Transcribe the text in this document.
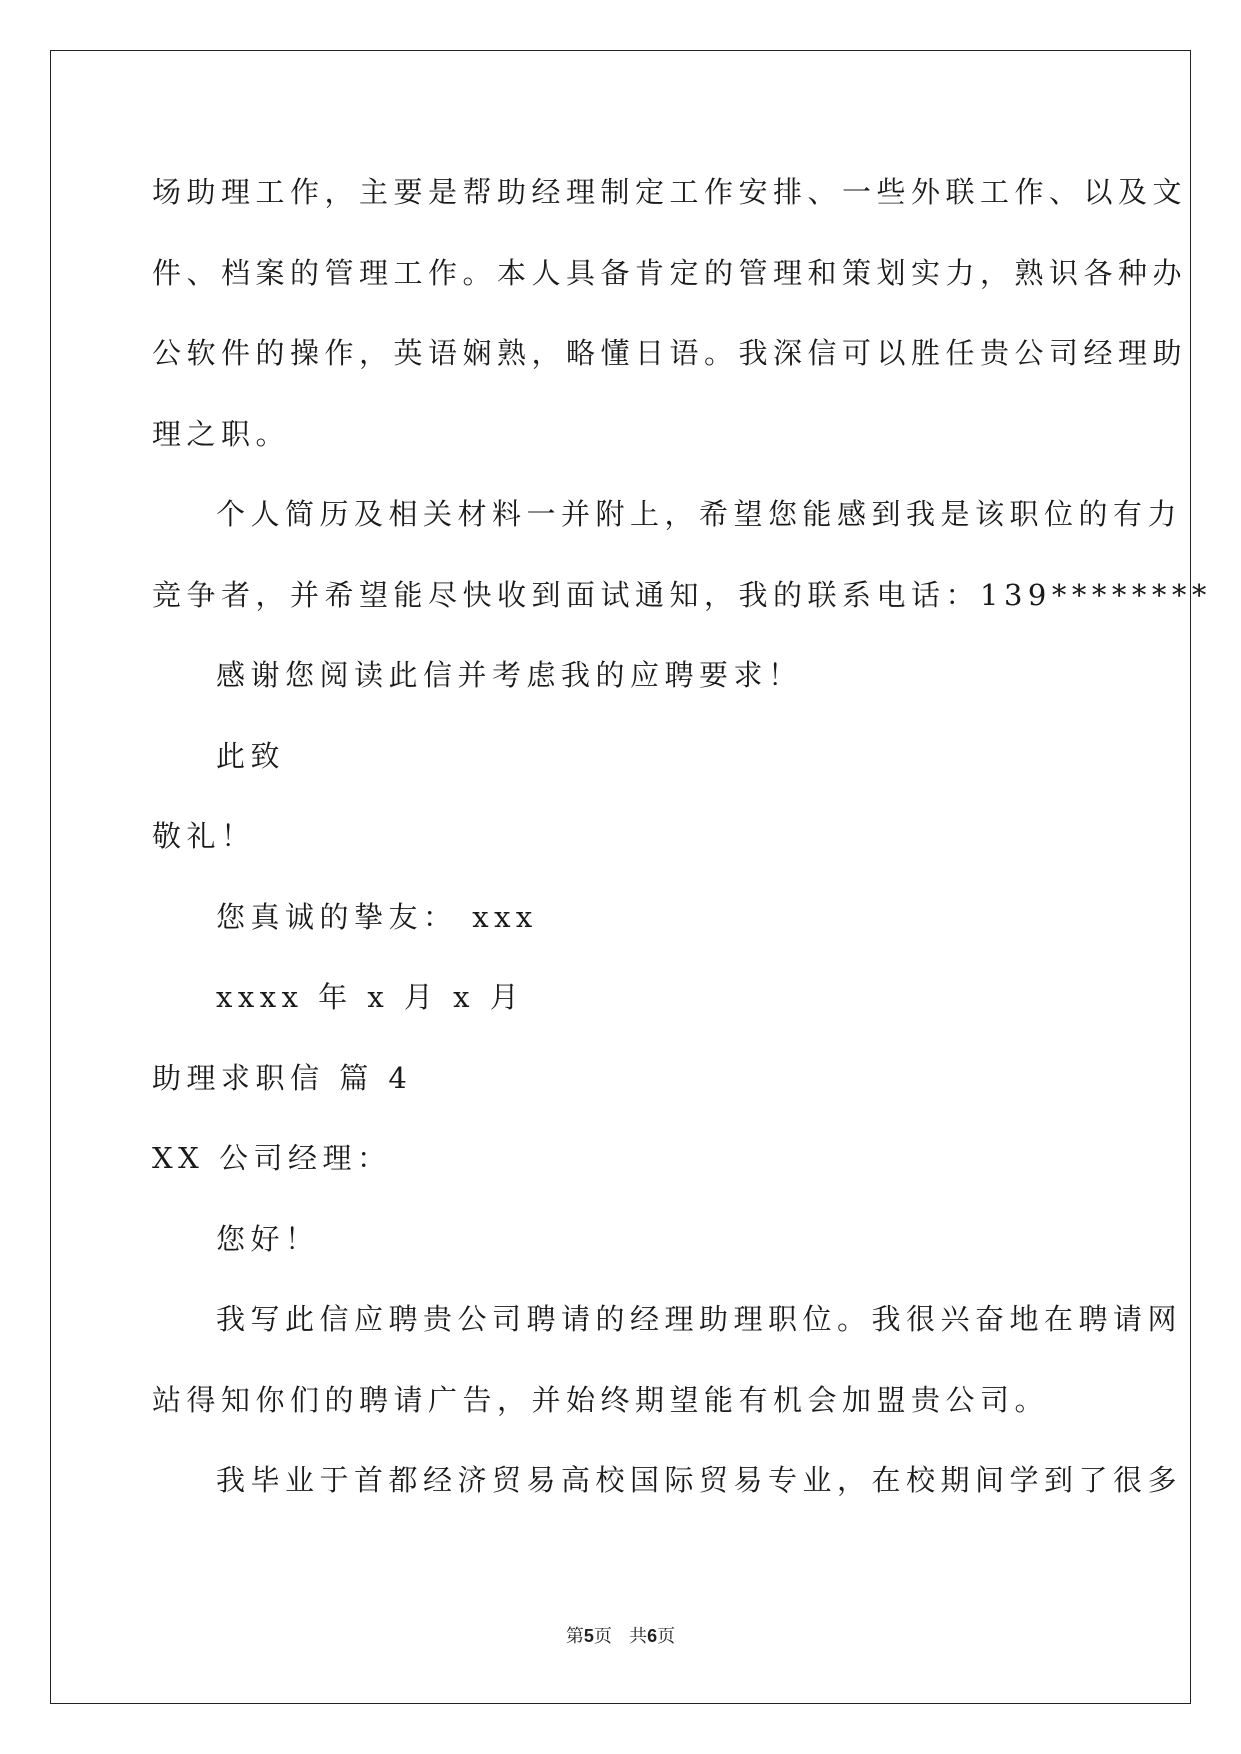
场助理工作，主要是帮助经理制定工作安排、一些外联工作、以及文
件、档案的管理工作。本人具备肯定的管理和策划实力，熟识各种办
公软件的操作，英语娴熟，略懂日语。我深信可以胜任贵公司经理助
理之职。
个人简历及相关材料一并附上，希望您能感到我是该职位的有力
竞争者，并希望能尽快收到面试通知，我的联系电话：139********
感谢您阅读此信并考虑我的应聘要求！
此致
敬礼！
您真诚的挚友： xxx
xxxx 年 x 月 x 月
助理求职信 篇 4
XX 公司经理：
您好！
我写此信应聘贵公司聘请的经理助理职位。我很兴奋地在聘请网
站得知你们的聘请广告，并始终期望能有机会加盟贵公司。
我毕业于首都经济贸易高校国际贸易专业，在校期间学到了很多
第5页   共6页
